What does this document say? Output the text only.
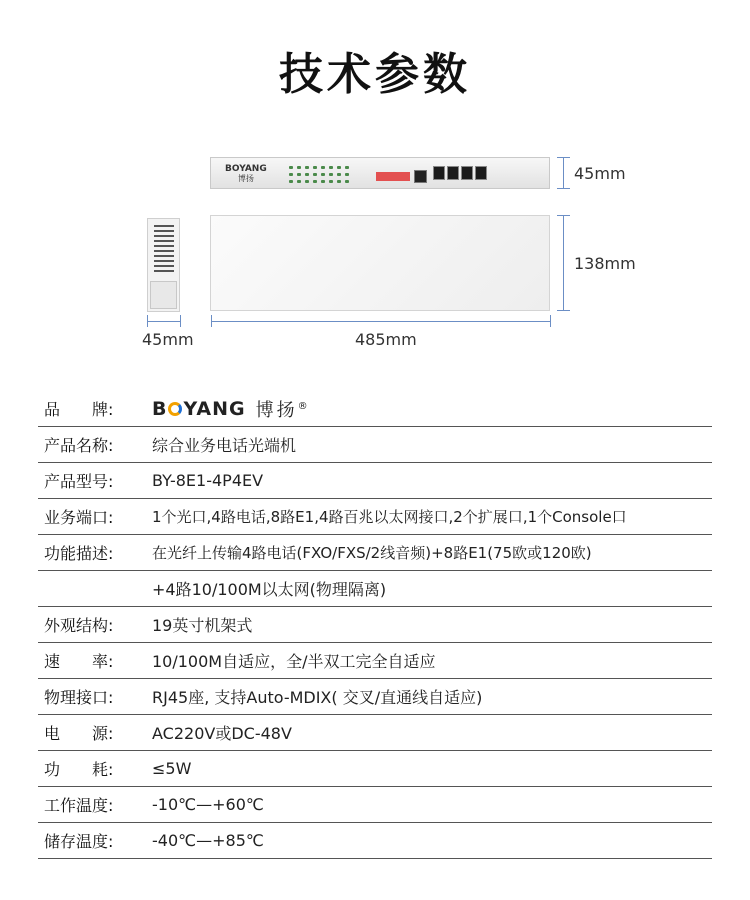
技术参数
BOYANG
博扬	45mm
138mm
45mm	485mm
品　　牌:	B YANG 博扬®
产品名称:	综合业务电话光端机
产品型号:	BY-8E1-4P4EV
业务端口:	1个光口,4路电话,8路E1,4路百兆以太网接口,2个扩展口,1个Console口
功能描述:	在光纤上传输4路电话(FXO/FXS/2线音频)+8路E1(75欧或120欧)
+4路10/100M以太网(物理隔离)
外观结构:	19英寸机架式
速　　率:	10/100M自适应，全/半双工完全自适应
物理接口:	RJ45座, 支持Auto-MDIX( 交叉/直通线自适应)
电　　源:	AC220V或DC-48V
功　　耗:	≤5W
工作温度:	-10℃—+60℃
储存温度:	-40℃—+85℃
